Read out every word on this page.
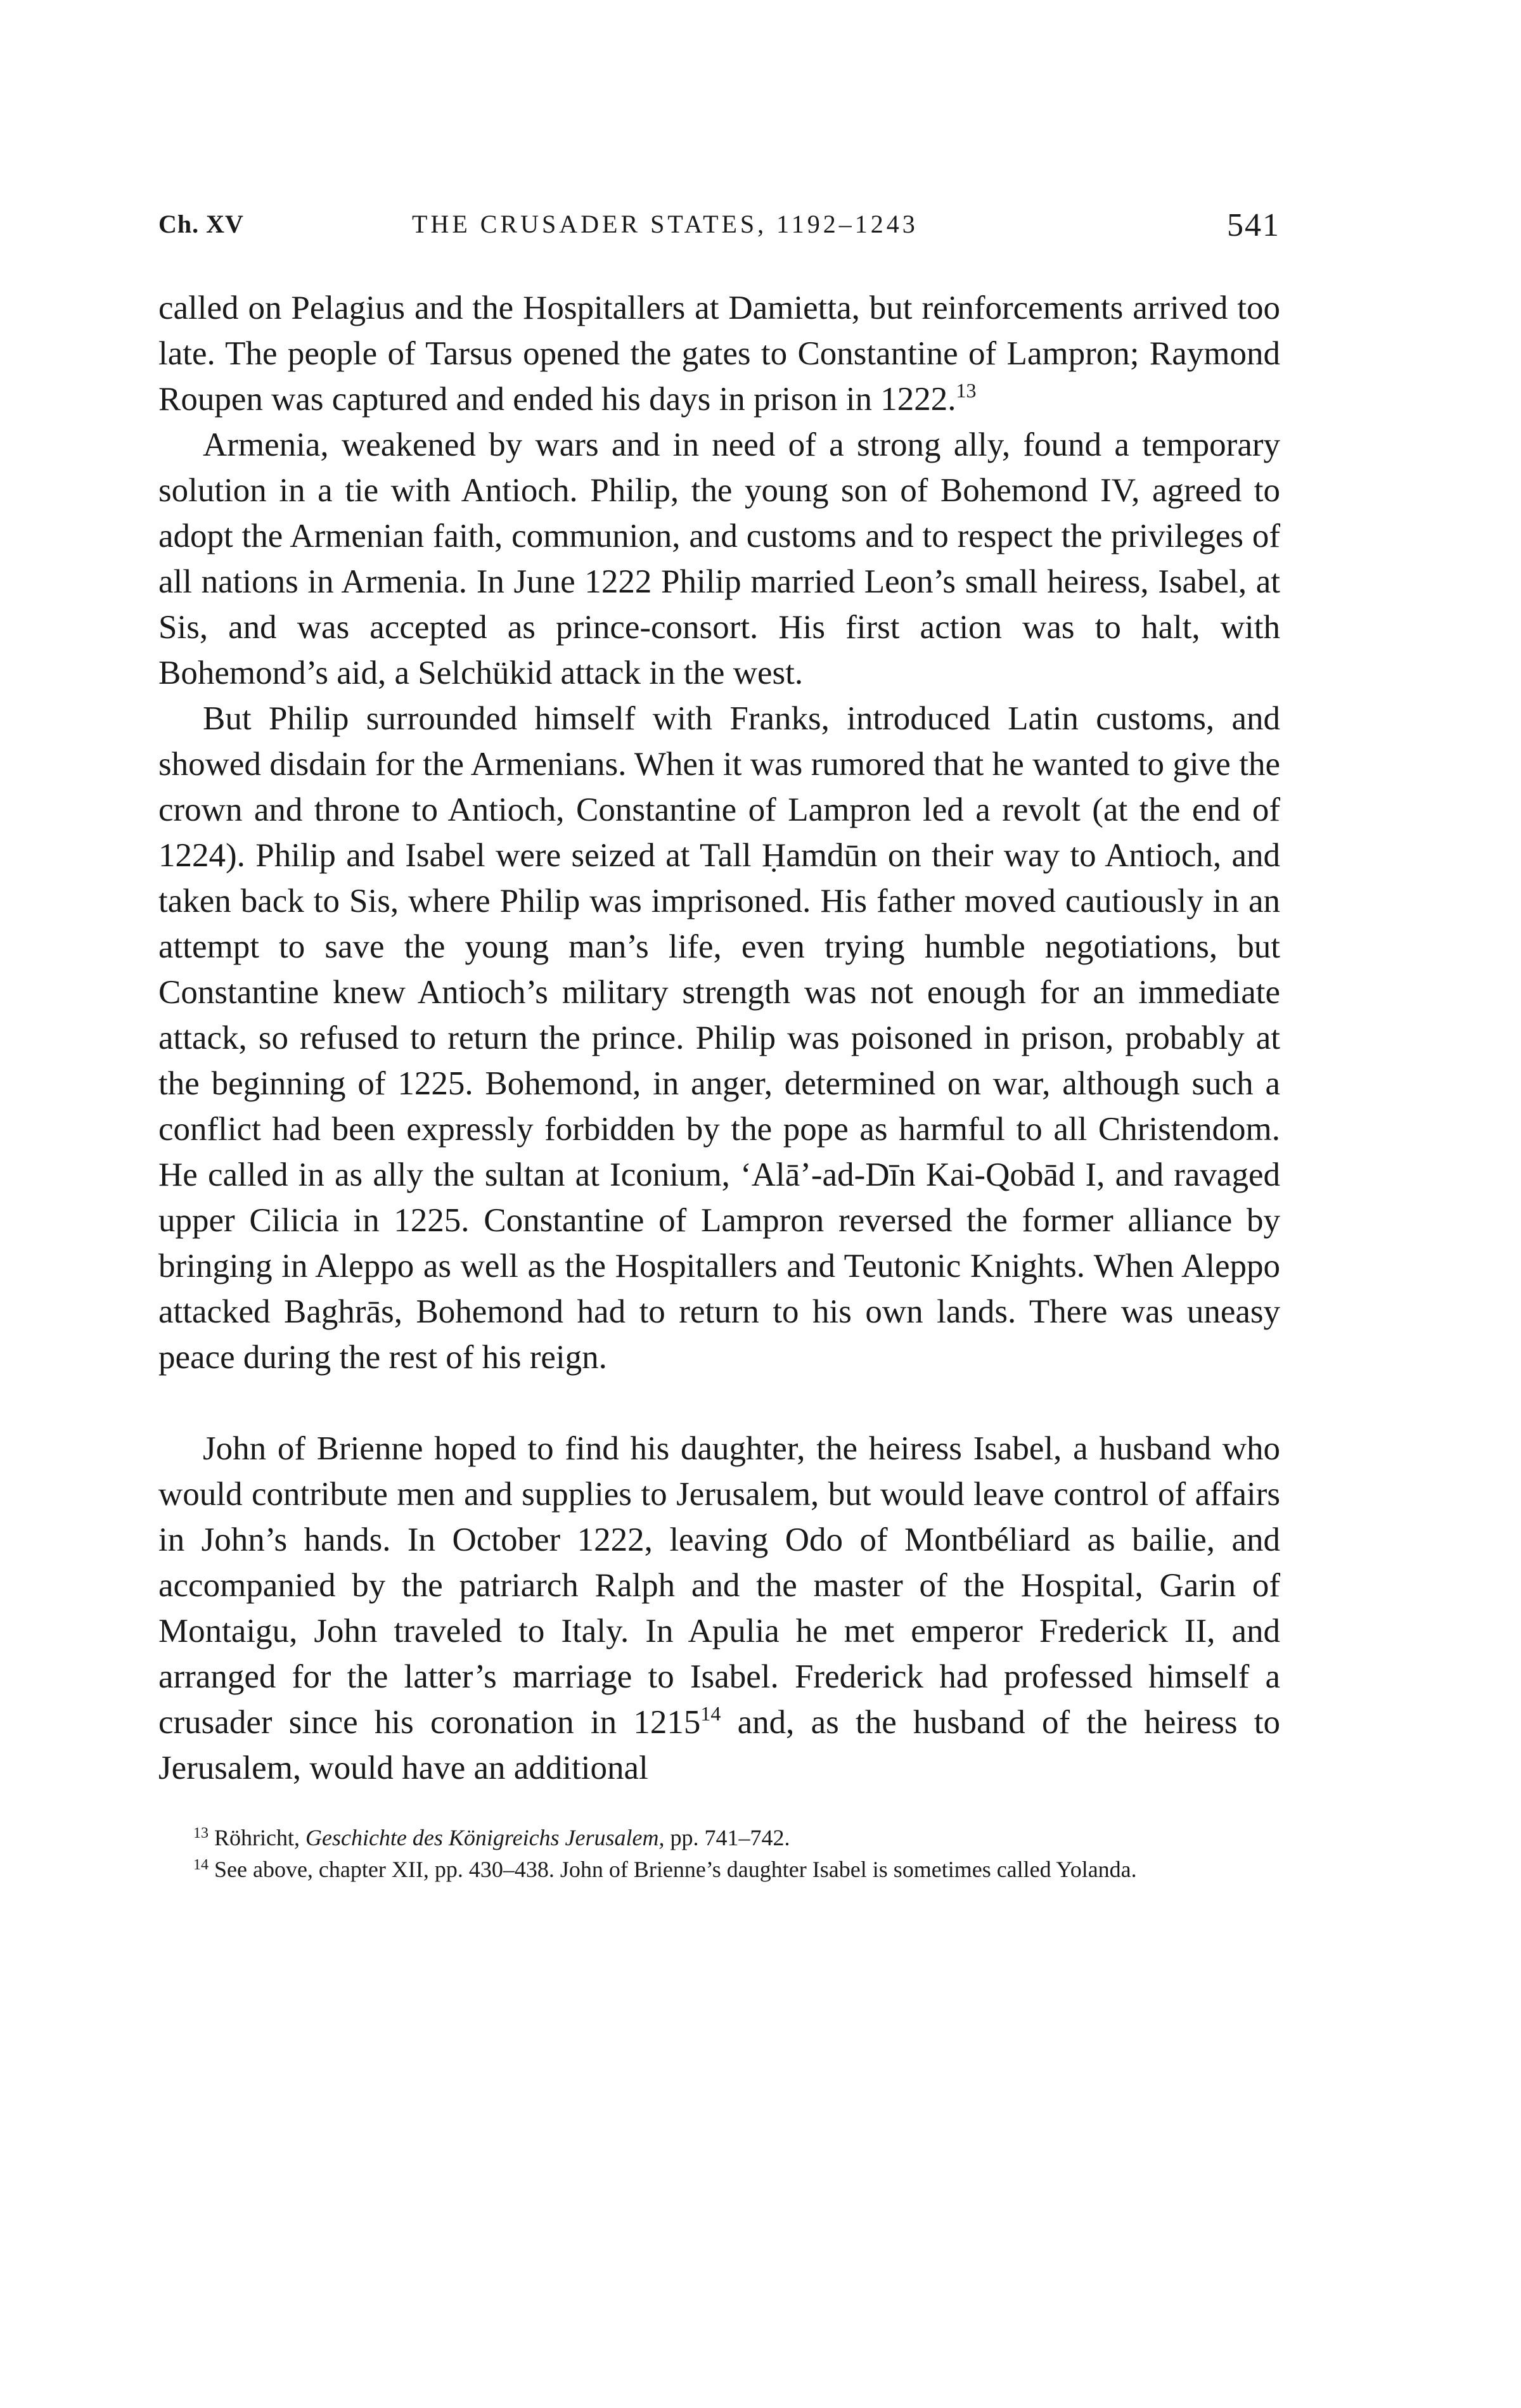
Ch. XV	THE CRUSADER STATES, 1192–1243	541

called on Pelagius and the Hospitallers at Damietta, but reinforcements arrived too late. The people of Tarsus opened the gates to Constantine of Lampron; Raymond Roupen was captured and ended his days in prison in 1222.13

Armenia, weakened by wars and in need of a strong ally, found a temporary solution in a tie with Antioch. Philip, the young son of Bohemond IV, agreed to adopt the Armenian faith, communion, and customs and to respect the privileges of all nations in Armenia. In June 1222 Philip married Leon’s small heiress, Isabel, at Sis, and was accepted as prince-consort. His first action was to halt, with Bohemond’s aid, a Selchükid attack in the west.

But Philip surrounded himself with Franks, introduced Latin customs, and showed disdain for the Armenians. When it was rumored that he wanted to give the crown and throne to Antioch, Constantine of Lampron led a revolt (at the end of 1224). Philip and Isabel were seized at Tall Ḥamdūn on their way to Antioch, and taken back to Sis, where Philip was imprisoned. His father moved cautiously in an attempt to save the young man’s life, even trying humble negotiations, but Constantine knew Antioch’s military strength was not enough for an immediate attack, so refused to return the prince. Philip was poisoned in prison, probably at the beginning of 1225. Bohemond, in anger, determined on war, although such a conflict had been expressly forbidden by the pope as harmful to all Christendom. He called in as ally the sultan at Iconium, ‘Alā’-ad-Dīn Kai-Qobād I, and ravaged upper Cilicia in 1225. Constantine of Lampron reversed the former alliance by bringing in Aleppo as well as the Hospitallers and Teutonic Knights. When Aleppo attacked Baghrās, Bohemond had to return to his own lands. There was uneasy peace during the rest of his reign.

John of Brienne hoped to find his daughter, the heiress Isabel, a husband who would contribute men and supplies to Jerusalem, but would leave control of affairs in John’s hands. In October 1222, leaving Odo of Montbéliard as bailie, and accompanied by the patriarch Ralph and the master of the Hospital, Garin of Montaigu, John traveled to Italy. In Apulia he met emperor Frederick II, and arranged for the latter’s marriage to Isabel. Frederick had professed himself a crusader since his coronation in 1215$^{14}$ and, as the husband of the heiress to Jerusalem, would have an additional

$^{13}$ Röhricht, Geschichte des Königreichs Jerusalem, pp. 741–742.

$^{14}$ See above, chapter XII, pp. 430–438. John of Brienne’s daughter Isabel is sometimes called Yolanda.
